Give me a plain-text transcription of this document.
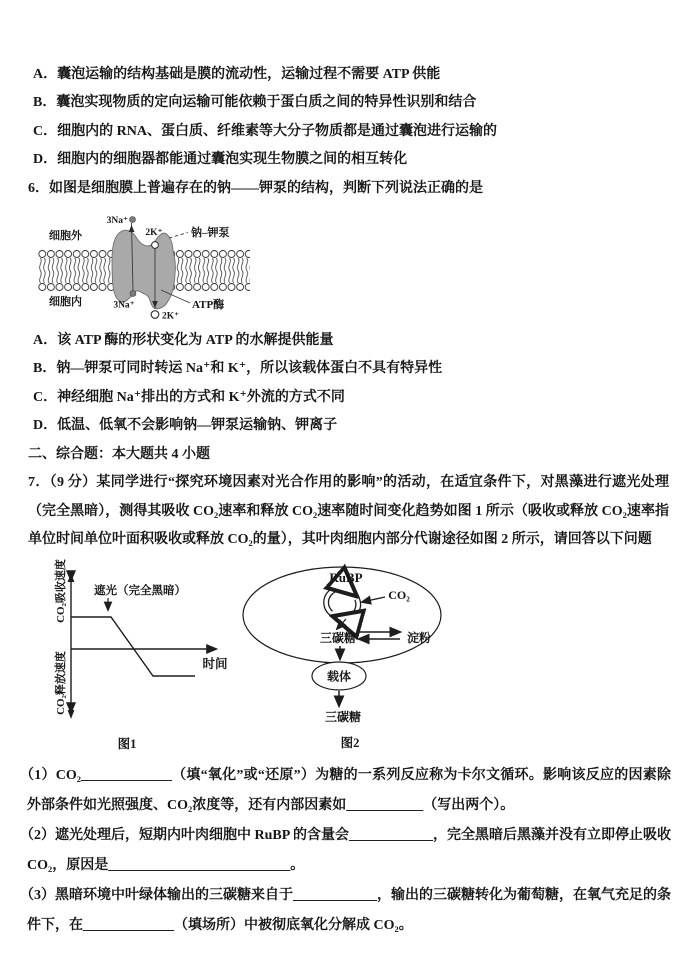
A．囊泡运输的结构基础是膜的流动性，运输过程不需要 ATP 供能
B．囊泡实现物质的定向运输可能依赖于蛋白质之间的特异性识别和结合
C．细胞内的 RNA、蛋白质、纤维素等大分子物质都是通过囊泡进行运输的
D．细胞内的细胞器都能通过囊泡实现生物膜之间的相互转化
6．如图是细胞膜上普遍存在的钠——钾泵的结构，判断下列说法正确的是
细胞外
3Na⁺
2K⁺	钠–钾泵
细胞内	3Na⁺	ATP酶
2K⁺
A．该 ATP 酶的形状变化为 ATP 的水解提供能量
B．钠—钾泵可同时转运 Na⁺和 K⁺，所以该载体蛋白不具有特异性
C．神经细胞 Na⁺排出的方式和 K⁺外流的方式不同
D．低温、低氧不会影响钠—钾泵运输钠、钾离子
二、综合题：本大题共 4 小题
7．（9 分）某同学进行“探究环境因素对光合作用的影响”的活动，在适宜条件下，对黑藻进行遮光处理（完全黑暗），测得其吸收 CO₂速率和释放 CO₂速率随时间变化趋势如图 1 所示（吸收或释放 CO₂速率指单位时间单位叶面积吸收或释放 CO₂的量），其叶肉细胞内部分代谢途径如图 2 所示，请回答以下问题
遮光（完全黑暗）
CO₂吸收速度
CO₂释放速度	时间
图1
RuBP
CO₂
三碳糖	淀粉
载体
三碳糖
图2
（1）CO₂_____________（填“氧化”或“还原”）为糖的一系列反应称为卡尔文循环。影响该反应的因素除外部条件如光照强度、CO₂浓度等，还有内部因素如___________（写出两个）。
（2）遮光处理后，短期内叶肉细胞中 RuBP 的含量会____________，完全黑暗后黑藻并没有立即停止吸收 CO₂，原因是__________________________。
（3）黑暗环境中叶绿体输出的三碳糖来自于____________，输出的三碳糖转化为葡萄糖，在氧气充足的条件下，在_____________（填场所）中被彻底氧化分解成 CO₂。
